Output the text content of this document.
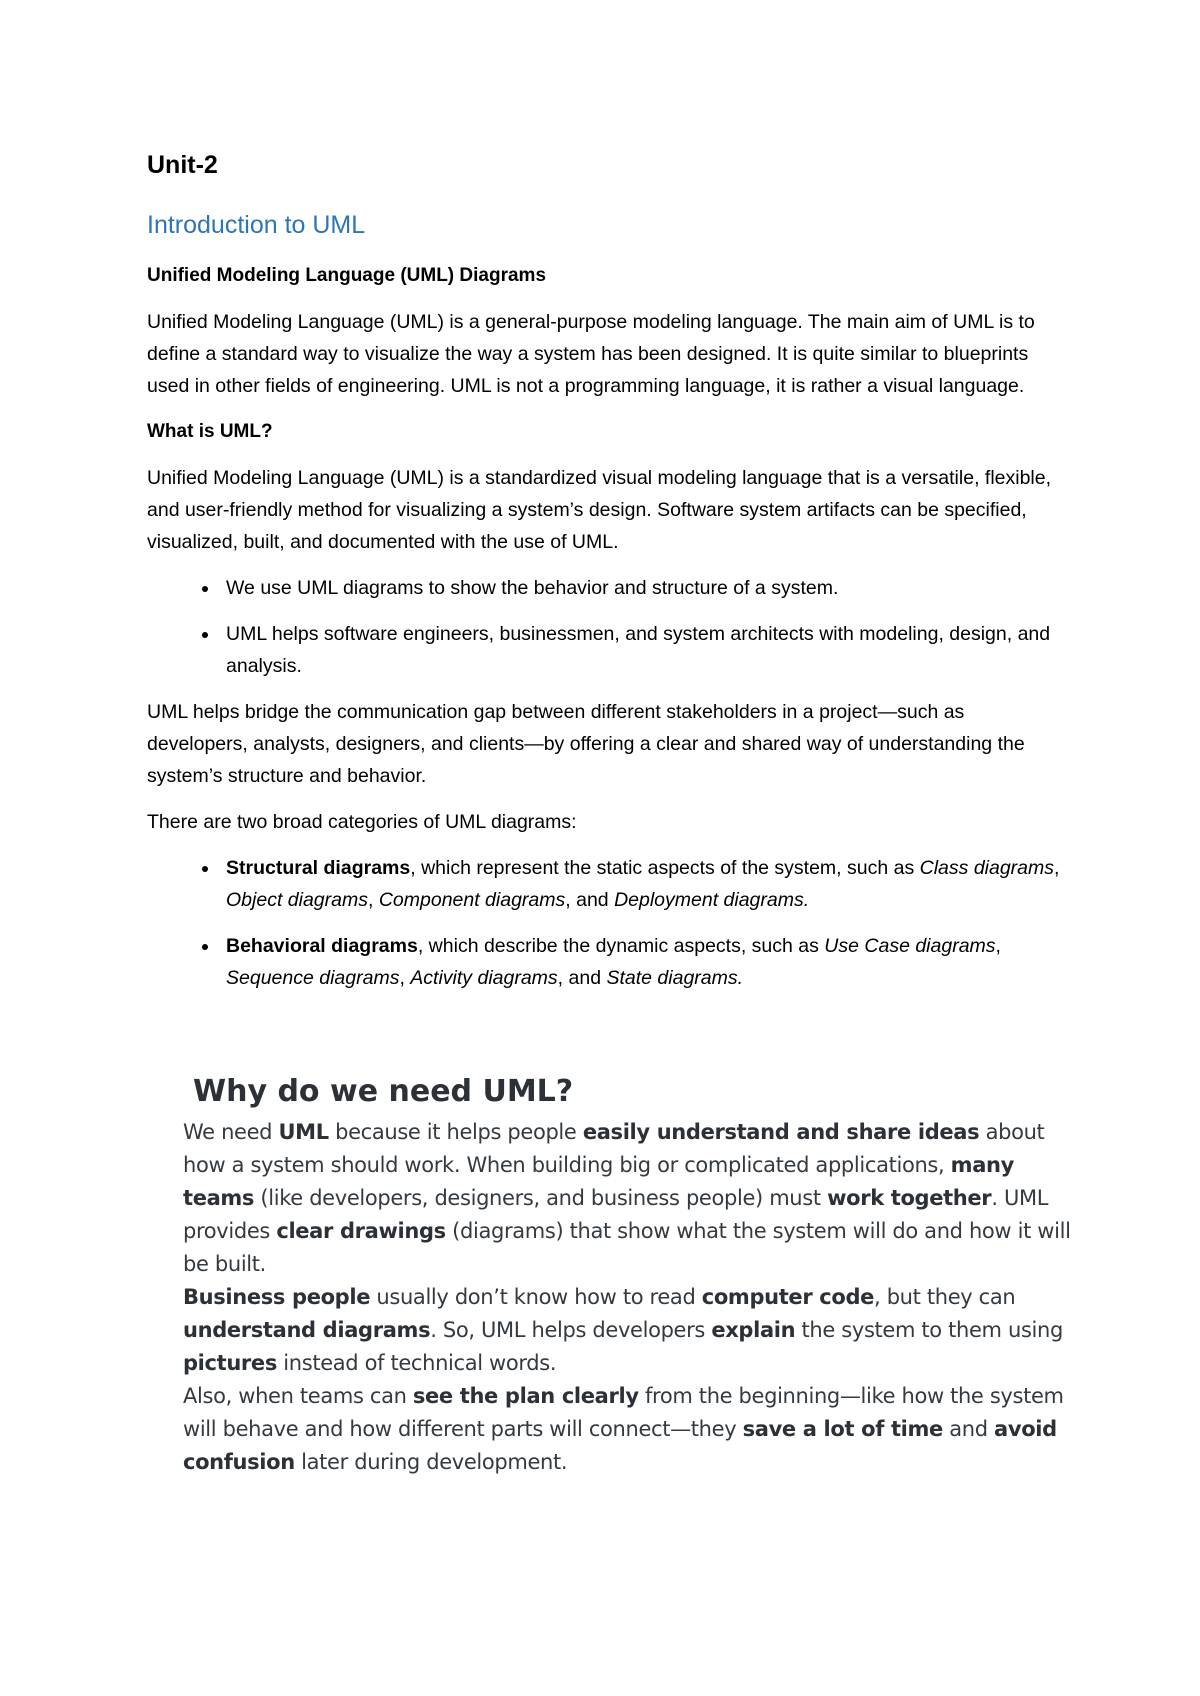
Unit-2
Introduction to UML
Unified Modeling Language (UML) Diagrams

Unified Modeling Language (UML) is a general-purpose modeling language. The main aim of UML is to define a standard way to visualize the way a system has been designed. It is quite similar to blueprints used in other fields of engineering. UML is not a programming language, it is rather a visual language.

What is UML?

Unified Modeling Language (UML) is a standardized visual modeling language that is a versatile, flexible, and user-friendly method for visualizing a system’s design. Software system artifacts can be specified, visualized, built, and documented with the use of UML.

• We use UML diagrams to show the behavior and structure of a system.
• UML helps software engineers, businessmen, and system architects with modeling, design, and analysis.

UML helps bridge the communication gap between different stakeholders in a project—such as developers, analysts, designers, and clients—by offering a clear and shared way of understanding the system’s structure and behavior.

There are two broad categories of UML diagrams:

• Structural diagrams, which represent the static aspects of the system, such as Class diagrams, Object diagrams, Component diagrams, and Deployment diagrams.
• Behavioral diagrams, which describe the dynamic aspects, such as Use Case diagrams, Sequence diagrams, Activity diagrams, and State diagrams.
Why do we need UML?

We need UML because it helps people easily understand and share ideas about how a system should work. When building big or complicated applications, many teams (like developers, designers, and business people) must work together. UML provides clear drawings (diagrams) that show what the system will do and how it will be built.

Business people usually don’t know how to read computer code, but they can understand diagrams. So, UML helps developers explain the system to them using pictures instead of technical words.

Also, when teams can see the plan clearly from the beginning—like how the system will behave and how different parts will connect—they save a lot of time and avoid confusion later during development.
